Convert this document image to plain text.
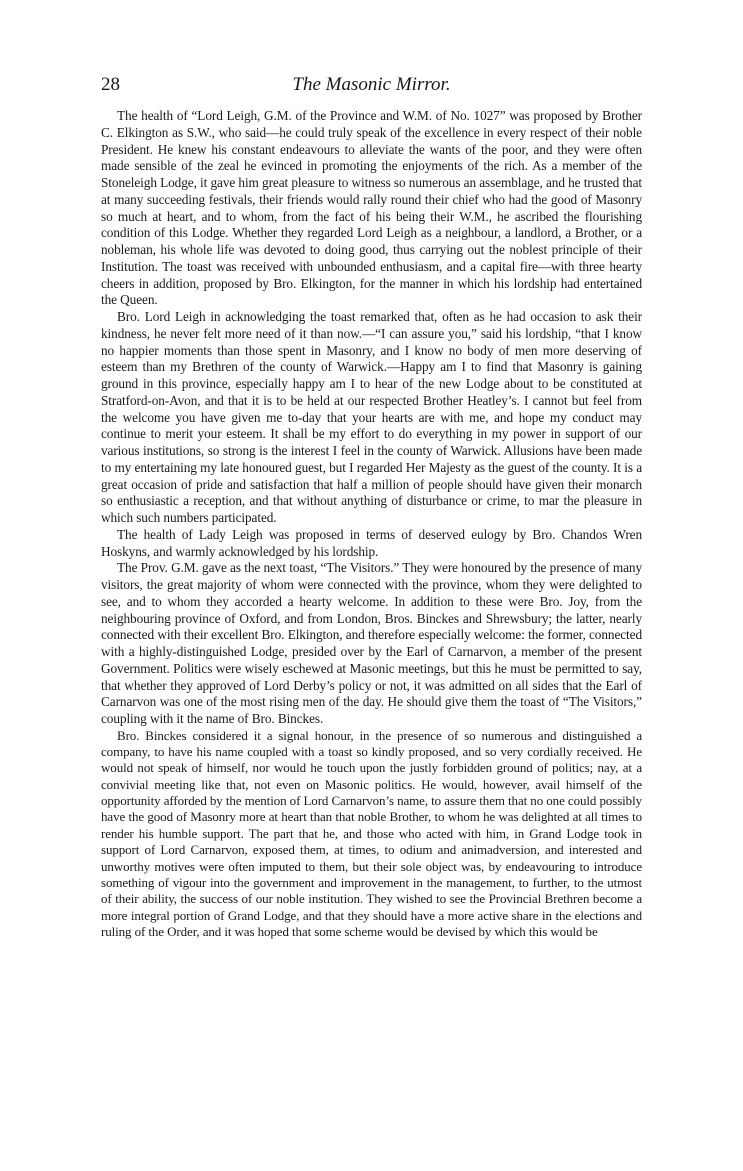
28	The Masonic Mirror.

The health of “Lord Leigh, G.M. of the Province and W.M. of No. 1027” was proposed by Brother C. Elkington as S.W., who said—he could truly speak of the excellence in every respect of their noble President. He knew his constant endeavours to alleviate the wants of the poor, and they were often made sensible of the zeal he evinced in promoting the enjoyments of the rich. As a member of the Stoneleigh Lodge, it gave him great pleasure to witness so numerous an assemblage, and he trusted that at many succeeding festivals, their friends would rally round their chief who had the good of Masonry so much at heart, and to whom, from the fact of his being their W.M., he ascribed the flourishing condition of this Lodge. Whether they regarded Lord Leigh as a neighbour, a landlord, a Brother, or a nobleman, his whole life was devoted to doing good, thus carrying out the noblest principle of their Institution. The toast was received with unbounded enthusiasm, and a capital fire—with three hearty cheers in addition, proposed by Bro. Elkington, for the manner in which his lordship had entertained the Queen.

Bro. Lord Leigh in acknowledging the toast remarked that, often as he had occasion to ask their kindness, he never felt more need of it than now.—“I can assure you,” said his lordship, “that I know no happier moments than those spent in Masonry, and I know no body of men more deserving of esteem than my Brethren of the county of Warwick.—Happy am I to find that Masonry is gaining ground in this province, especially happy am I to hear of the new Lodge about to be constituted at Stratford-on-Avon, and that it is to be held at our respected Brother Heatley’s. I cannot but feel from the welcome you have given me to-day that your hearts are with me, and hope my conduct may continue to merit your esteem. It shall be my effort to do everything in my power in support of our various institutions, so strong is the interest I feel in the county of Warwick. Allusions have been made to my entertaining my late honoured guest, but I regarded Her Majesty as the guest of the county. It is a great occasion of pride and satisfaction that half a million of people should have given their monarch so enthusiastic a reception, and that without anything of disturbance or crime, to mar the pleasure in which such numbers participated.

The health of Lady Leigh was proposed in terms of deserved eulogy by Bro. Chandos Wren Hoskyns, and warmly acknowledged by his lordship.

The Prov. G.M. gave as the next toast, “The Visitors.” They were honoured by the presence of many visitors, the great majority of whom were connected with the province, whom they were delighted to see, and to whom they accorded a hearty welcome. In addition to these were Bro. Joy, from the neighbouring province of Oxford, and from London, Bros. Binckes and Shrewsbury; the latter, nearly connected with their excellent Bro. Elkington, and therefore especially welcome: the former, connected with a highly-distinguished Lodge, presided over by the Earl of Carnarvon, a member of the present Government. Politics were wisely eschewed at Masonic meetings, but this he must be permitted to say, that whether they approved of Lord Derby’s policy or not, it was admitted on all sides that the Earl of Carnarvon was one of the most rising men of the day. He should give them the toast of “The Visitors,” coupling with it the name of Bro. Binckes.

Bro. Binckes considered it a signal honour, in the presence of so numerous and distinguished a company, to have his name coupled with a toast so kindly proposed, and so very cordially received. He would not speak of himself, nor would he touch upon the justly forbidden ground of politics; nay, at a convivial meeting like that, not even on Masonic politics. He would, however, avail himself of the opportunity afforded by the mention of Lord Carnarvon’s name, to assure them that no one could possibly have the good of Masonry more at heart than that noble Brother, to whom he was delighted at all times to render his humble support. The part that he, and those who acted with him, in Grand Lodge took in support of Lord Carnarvon, exposed them, at times, to odium and animadversion, and interested and unworthy motives were often imputed to them, but their sole object was, by endeavouring to introduce something of vigour into the government and improvement in the management, to further, to the utmost of their ability, the success of our noble institution. They wished to see the Provincial Brethren become a more integral portion of Grand Lodge, and that they should have a more active share in the elections and ruling of the Order, and it was hoped that some scheme would be devised by which this would be
